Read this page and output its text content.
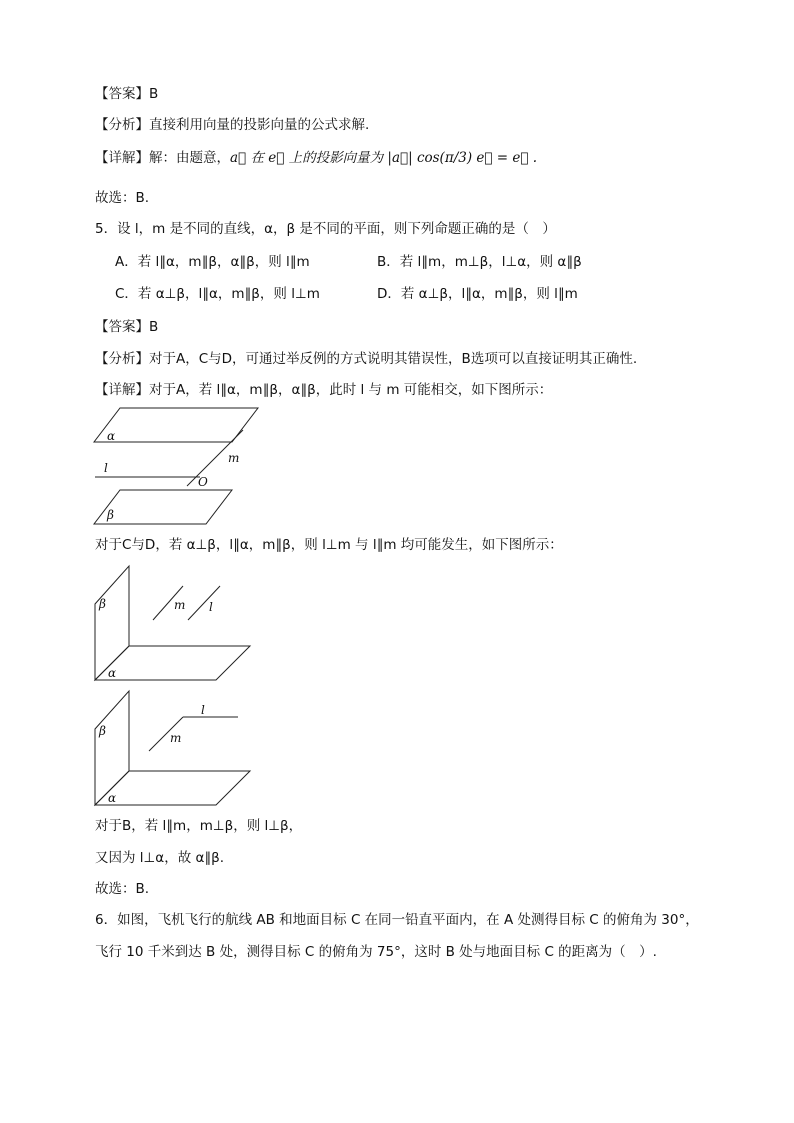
【答案】B
【分析】直接利用向量的投影向量的公式求解.
【详解】解：由题意，a⃗ 在 e⃗ 上的投影向量为 |a⃗| cos(π/3) e⃗ = e⃗ .
故选：B.
5．设 l，m 是不同的直线，α，β 是不同的平面，则下列命题正确的是（　）
A．若 l∥α，m∥β，α∥β，则 l∥m	B．若 l∥m，m⊥β，l⊥α，则 α∥β
C．若 α⊥β，l∥α，m∥β，则 l⊥m	D．若 α⊥β，l∥α，m∥β，则 l∥m
【答案】B
【分析】对于A，C与D，可通过举反例的方式说明其错误性，B选项可以直接证明其正确性.
【详解】对于A，若 l∥α，m∥β，α∥β，此时 l 与 m 可能相交，如下图所示：
α
l
m
O
β
对于C与D，若 α⊥β，l∥α，m∥β，则 l⊥m 与 l∥m 均可能发生，如下图所示：
β
α
m l
β
α
l
m
对于B，若 l∥m，m⊥β，则 l⊥β，
又因为 l⊥α，故 α∥β.
故选：B.
6．如图，飞机飞行的航线 AB 和地面目标 C 在同一铅直平面内，在 A 处测得目标 C 的俯角为 30°，
飞行 10 千米到达 B 处，测得目标 C 的俯角为 75°，这时 B 处与地面目标 C 的距离为（　）.
